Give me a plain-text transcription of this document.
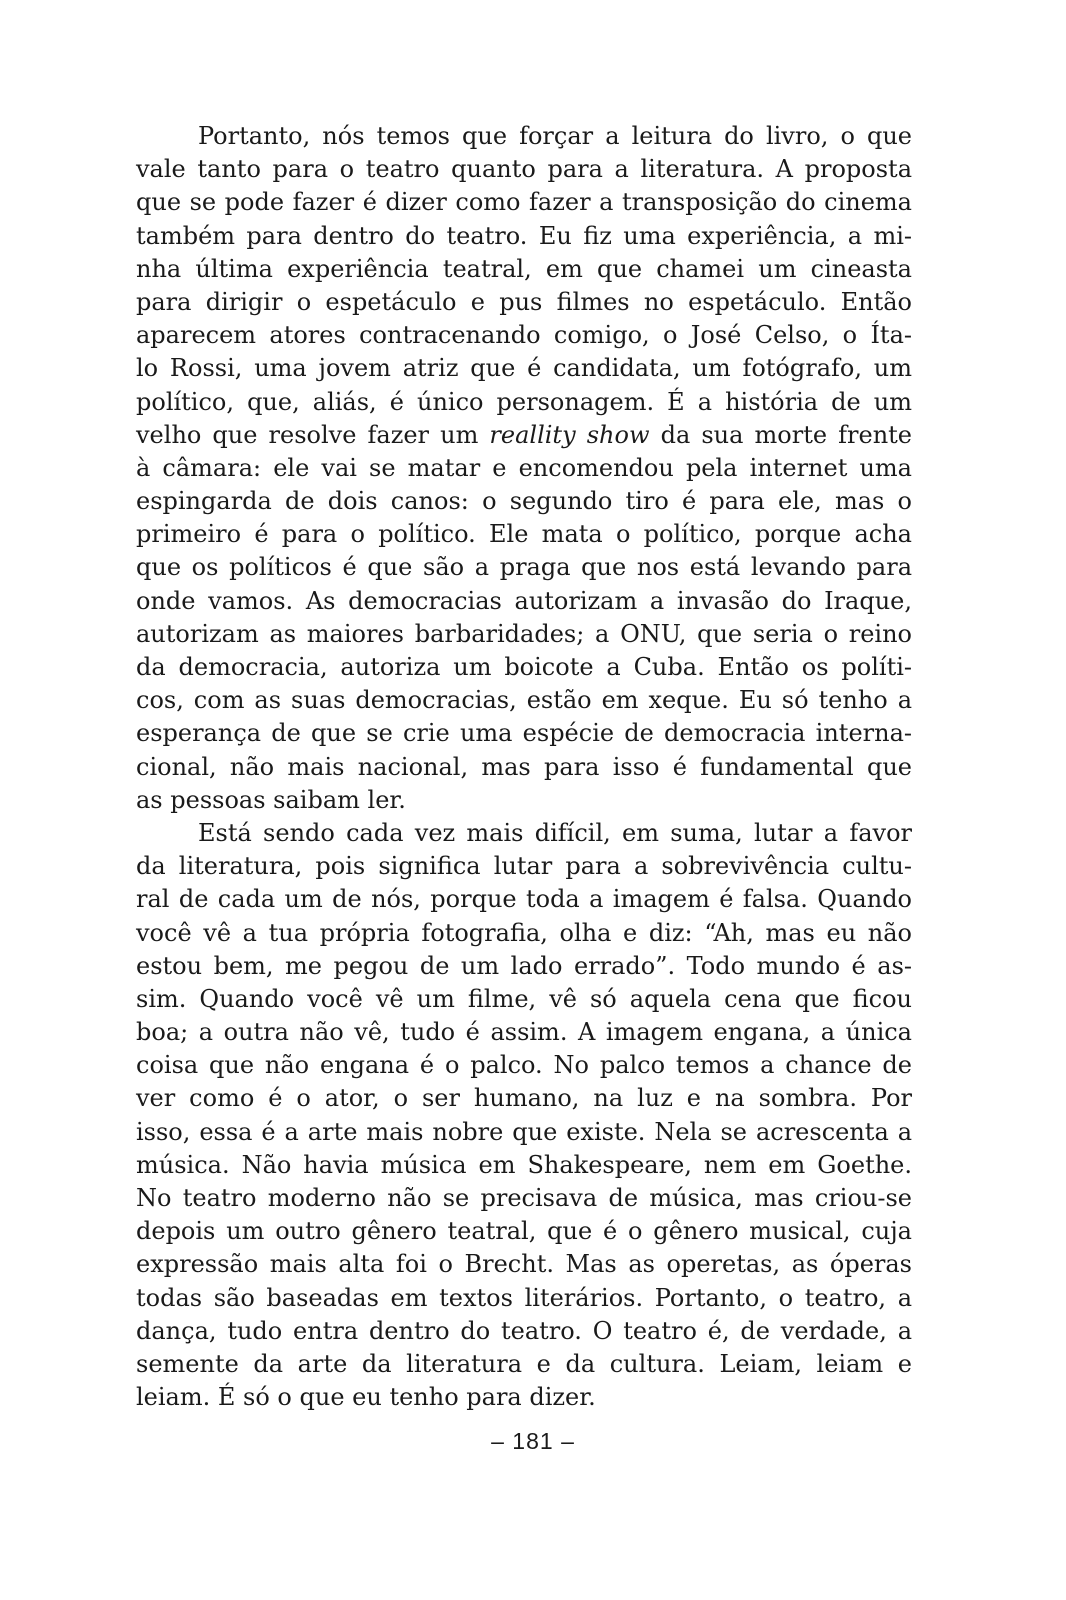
Portanto, nós temos que forçar a leitura do livro, o que
vale tanto para o teatro quanto para a literatura. A proposta
que se pode fazer é dizer como fazer a transposição do cinema
também para dentro do teatro. Eu fiz uma experiência, a mi-
nha última experiência teatral, em que chamei um cineasta
para dirigir o espetáculo e pus filmes no espetáculo. Então
aparecem atores contracenando comigo, o José Celso, o Íta-
lo Rossi, uma jovem atriz que é candidata, um fotógrafo, um
político, que, aliás, é único personagem. É a história de um
velho que resolve fazer um reallity show da sua morte frente
à câmara: ele vai se matar e encomendou pela internet uma
espingarda de dois canos: o segundo tiro é para ele, mas o
primeiro é para o político. Ele mata o político, porque acha
que os políticos é que são a praga que nos está levando para
onde vamos. As democracias autorizam a invasão do Iraque,
autorizam as maiores barbaridades; a ONU, que seria o reino
da democracia, autoriza um boicote a Cuba. Então os políti-
cos, com as suas democracias, estão em xeque. Eu só tenho a
esperança de que se crie uma espécie de democracia interna-
cional, não mais nacional, mas para isso é fundamental que
as pessoas saibam ler.
Está sendo cada vez mais difícil, em suma, lutar a favor
da literatura, pois significa lutar para a sobrevivência cultu-
ral de cada um de nós, porque toda a imagem é falsa. Quando
você vê a tua própria fotografia, olha e diz: “Ah, mas eu não
estou bem, me pegou de um lado errado”. Todo mundo é as-
sim. Quando você vê um filme, vê só aquela cena que ficou
boa; a outra não vê, tudo é assim. A imagem engana, a única
coisa que não engana é o palco. No palco temos a chance de
ver como é o ator, o ser humano, na luz e na sombra. Por
isso, essa é a arte mais nobre que existe. Nela se acrescenta a
música. Não havia música em Shakespeare, nem em Goethe.
No teatro moderno não se precisava de música, mas criou-se
depois um outro gênero teatral, que é o gênero musical, cuja
expressão mais alta foi o Brecht. Mas as operetas, as óperas
todas são baseadas em textos literários. Portanto, o teatro, a
dança, tudo entra dentro do teatro. O teatro é, de verdade, a
semente da arte da literatura e da cultura. Leiam, leiam e
leiam. É só o que eu tenho para dizer.
– 181 –
